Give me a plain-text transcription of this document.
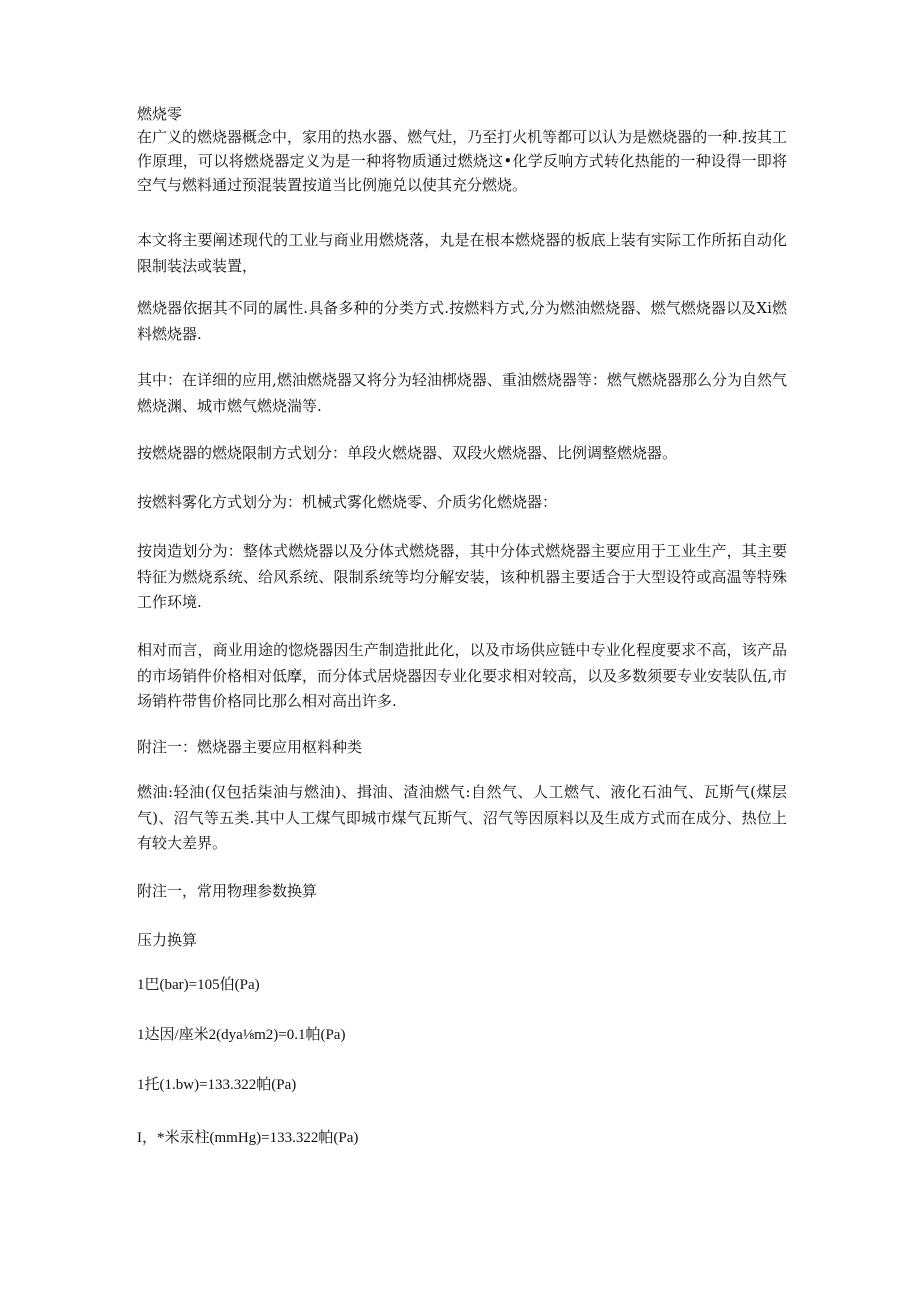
燃烧零
在广义的燃烧器概念中，家用的热水器、燃气灶，乃至打火机等都可以认为是燃烧器的一种.按其工作原理，可以将燃烧器定义为是一种将物质通过燃烧这•化学反响方式转化热能的一种设得一即将空气与燃料通过预混装置按道当比例施兑以使其充分燃烧。
本文将主要阐述现代的工业与商业用燃烧落，丸是在根本燃烧器的板底上装有实际工作所拓自动化限制装法或装置，
燃烧器依据其不同的属性.具备多种的分类方式.按燃料方式,分为燃油燃烧器、燃气燃烧器以及Xi燃料燃烧器.
其中：在详细的应用,燃油燃烧器又将分为轻油梆烧器、重油燃烧器等：燃气燃烧器那么分为自然气燃烧渊、城市燃气燃烧湍等.
按燃烧器的燃烧限制方式划分：单段火燃烧器、双段火燃烧器、比例调整燃烧器。
按燃料雾化方式划分为：机械式雾化燃烧零、介质劣化燃烧器：
按岗造划分为：整体式燃烧器以及分体式燃烧器，其中分体式燃烧器主要应用于工业生产，其主要特征为燃烧系统、给风系统、限制系统等均分解安装，该种机器主要适合于大型设符或高温等特殊工作环境.
相对而言，商业用途的惚烧器因生产制造批此化，以及市场供应链中专业化程度要求不高，该产品的市场销件价格相对低摩，而分体式居烧器因专业化要求相对较高，以及多数须要专业安装队伍,市场销杵带售价格同比那么相对高出许多.
附注一：燃烧器主要应用枢料种类
燃油:轻油(仅包括柒油与燃油)、揖油、渣油燃气:自然气、人工燃气、液化石油气、瓦斯气(煤层气)、沼气等五类.其中人工煤气即城市煤气瓦斯气、沼气等因原料以及生成方式而在成分、热位上有较大差界。
附注一，常用物理参数换算
压力换算
1巴(bar)=105伯(Pa)
1达因/座米2(dya⅛m2)=0.1帕(Pa)
1托(1.bw)=133.322帕(Pa)
I，*米汞柱(mmHg)=133.322帕(Pa)
